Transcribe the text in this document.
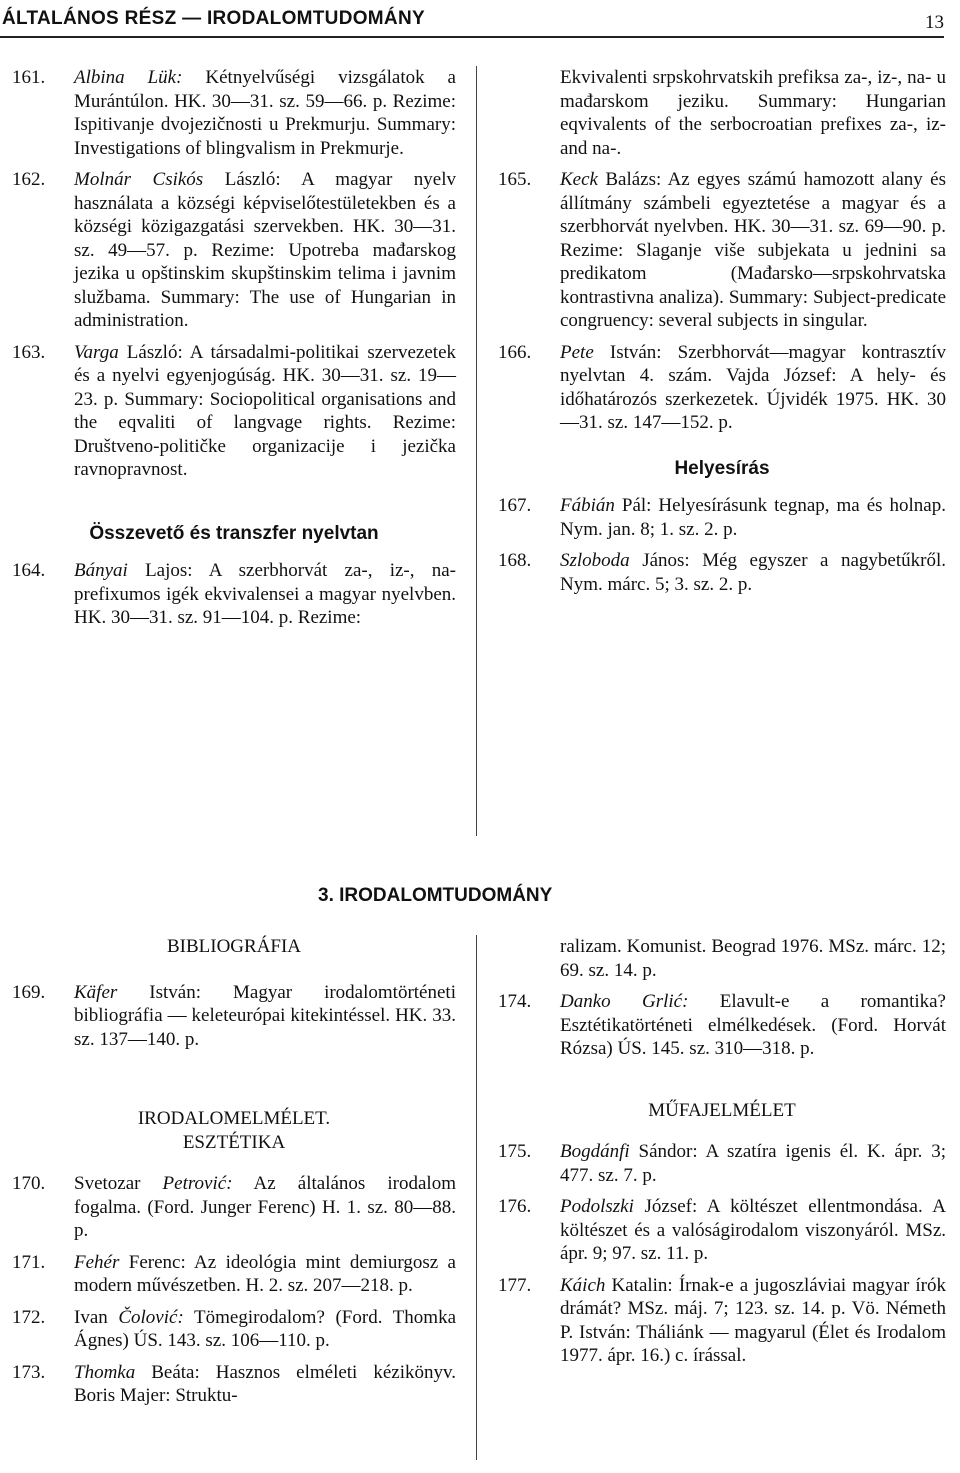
ÁLTALÁNOS RÉSZ — IRODALOMTUDOMÁNY	13
161.	Albina Lük: Kétnyelvűségi vizsgálatok a Murántúlon. HK. 30—31. sz. 59—66. p. Rezime: Ispitivanje dvojezičnosti u Prekmurju. Summary: Investigations of blingvalism in Prekmurje.
162.	Molnár Csikós László: A magyar nyelv használata a községi képviselőtestületekben és a községi közigazgatási szervekben. HK. 30—31. sz. 49—57. p. Rezime: Upotreba mađarskog jezika u opštinskim skupštinskim telima i javnim službama. Summary: The use of Hungarian in administration.
163.	Varga László: A társadalmi-politikai szervezetek és a nyelvi egyenjogúság. HK. 30—31. sz. 19—23. p. Summary: Sociopolitical organisations and the eqvaliti of langvage rights. Rezime: Društveno-političke organizacije i jezička ravnopravnost.
Összevető és transzfer nyelvtan
164.	Bányai Lajos: A szerbhorvát za-, iz-, na- prefixumos igék ekvivalensei a magyar nyelvben. HK. 30—31. sz. 91—104. p. Rezime:

Ekvivalenti srpskohrvatskih prefiksa za-, iz-, na- u mađarskom jeziku. Summary: Hungarian eqvivalents of the serbocroatian prefixes za-, iz- and na-.

165.	Keck Balázs: Az egyes számú hamozott alany és állítmány számbeli egyeztetése a magyar és a szerbhorvát nyelvben. HK. 30—31. sz. 69—90. p. Rezime: Slaganje više subjekata u jednini sa predikatom (Mađarsko—srpskohrvatska kontrastivna analiza). Summary: Subject-predicate congruency: several subjects in singular.
166.	Pete István: Szerbhorvát—magyar kontrasztív nyelvtan 4. szám. Vajda József: A hely- és időhatározós szerkezetek. Újvidék 1975. HK. 30—31. sz. 147—152. p.
Helyesírás
167.	Fábián Pál: Helyesírásunk tegnap, ma és holnap. Nym. jan. 8; 1. sz. 2. p.
168.	Szloboda János: Még egyszer a nagybetűkről. Nym. márc. 5; 3. sz. 2. p.
3. IRODALOMTUDOMÁNY
BIBLIOGRÁFIA
169.	Käfer István: Magyar irodalomtörténeti bibliográfia — keleteurópai kitekintéssel. HK. 33. sz. 137—140. p.
IRODALOMELMÉLET. ESZTÉTIKA
170.	Svetozar Petrović: Az általános irodalom fogalma. (Ford. Junger Ferenc) H. 1. sz. 80—88. p.
171.	Fehér Ferenc: Az ideológia mint demiurgosz a modern művészetben. H. 2. sz. 207—218. p.
172.	Ivan Čolović: Tömegirodalom? (Ford. Thomka Ágnes) ÚS. 143. sz. 106—110. p.
173.	Thomka Beáta: Hasznos elméleti kézikönyv. Boris Majer: Struktu-

ralizam. Komunist. Beograd 1976. MSz. márc. 12; 69. sz. 14. p.

174.	Danko Grlić: Elavult-e a romantika? Esztétikatörténeti elmélkedések. (Ford. Horvát Rózsa) ÚS. 145. sz. 310—318. p.
MŰFAJELMÉLET
175.	Bogdánfi Sándor: A szatíra igenis él. K. ápr. 3; 477. sz. 7. p.
176.	Podolszki József: A költészet ellentmondása. A költészet és a valóságirodalom viszonyáról. MSz. ápr. 9; 97. sz. 11. p.
177.	Káich Katalin: Írnak-e a jugoszláviai magyar írók drámát? MSz. máj. 7; 123. sz. 14. p. Vö. Németh P. István: Tháliánk — magyarul (Élet és Irodalom 1977. ápr. 16.) c. írással.
